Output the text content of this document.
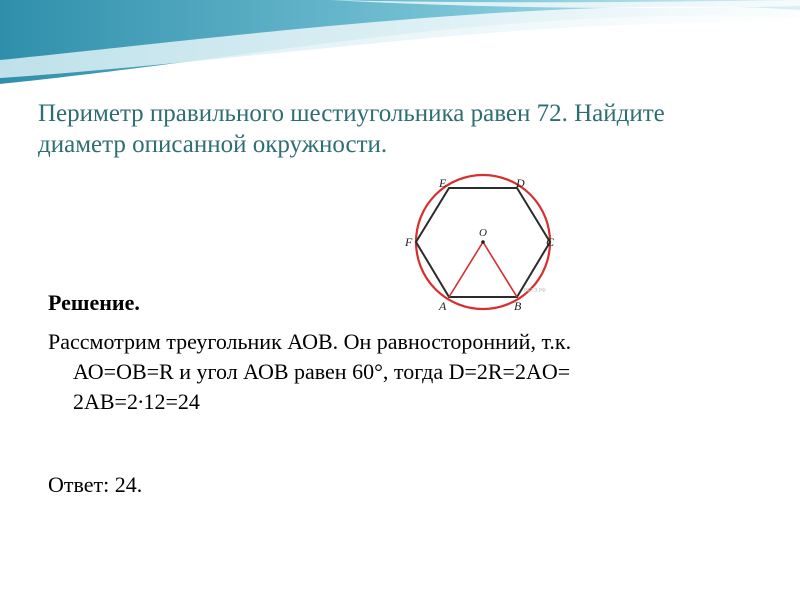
Периметр правильного шестиугольника равен 72. Найдите
диаметр описанной окружности.
E	D
F	C
O
A	B
РЕТЭ.РФ

Решение.

Рассмотрим треугольник АОВ. Он равносторонний, т.к.
АО=ОВ=R и угол АОВ равен 60°, тогда D=2R=2AO=
2AB=2∙12=24

Ответ: 24.
